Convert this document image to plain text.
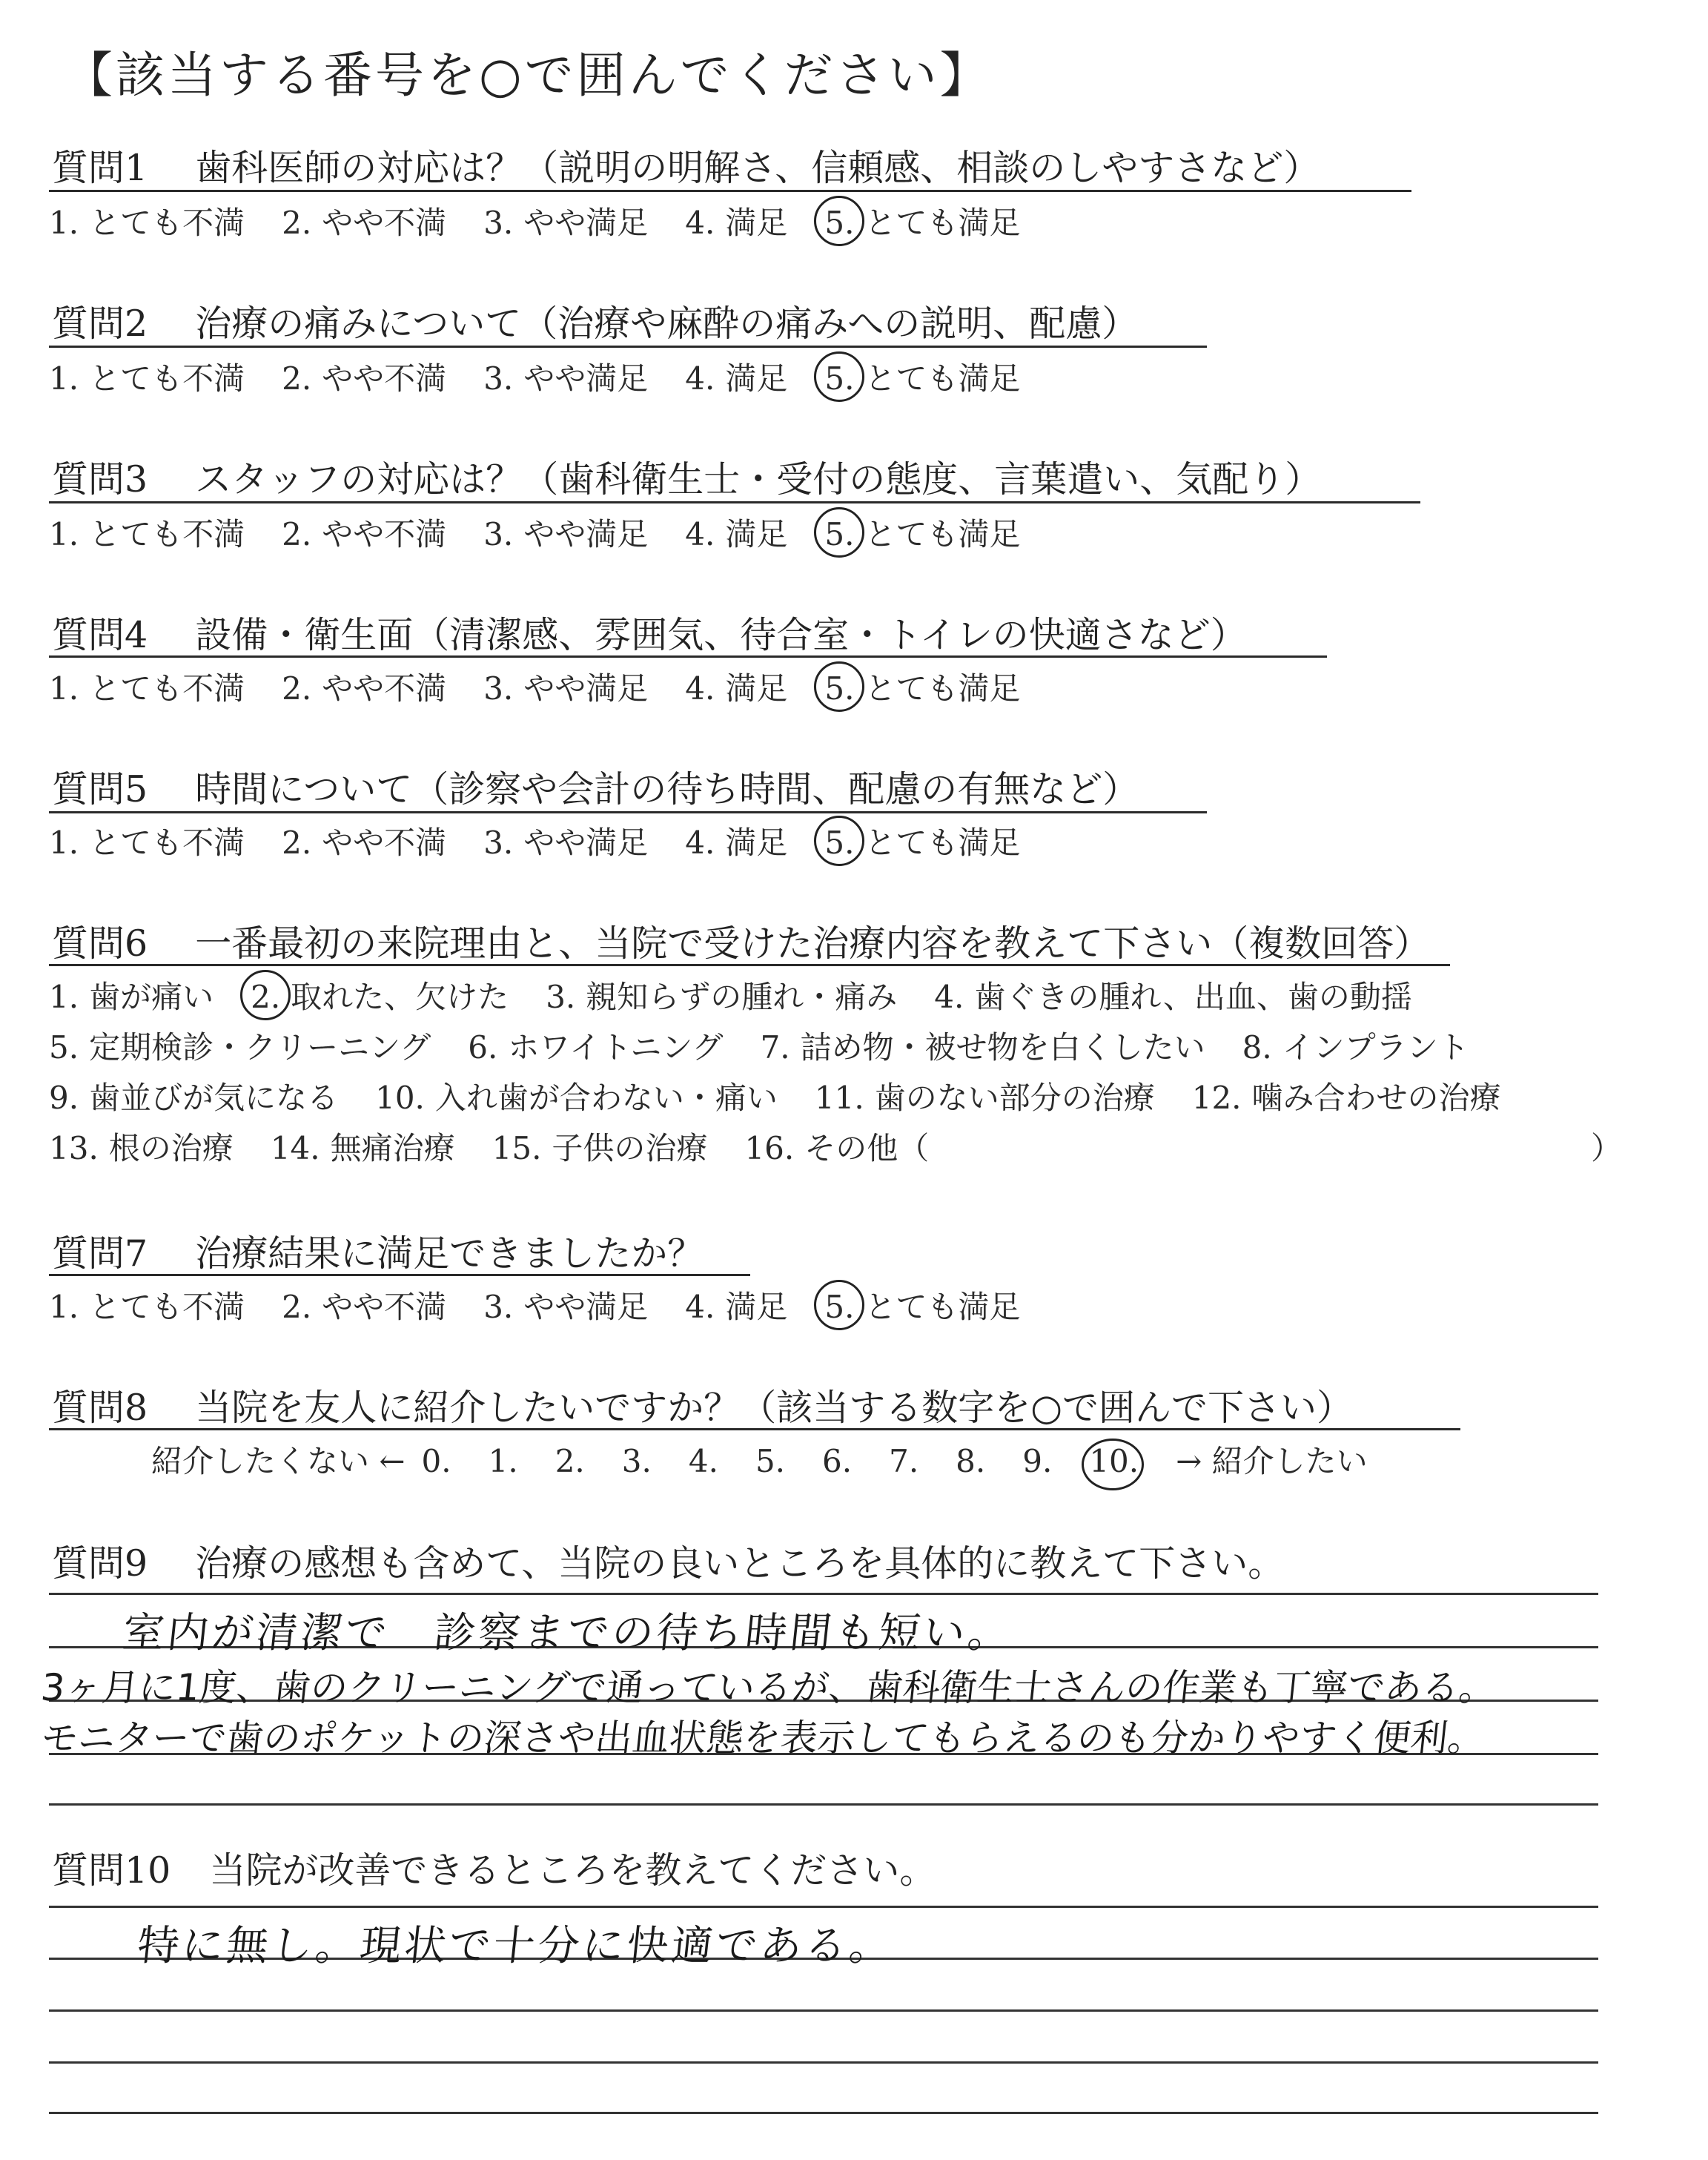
【該当する番号を○で囲んでください】
質問1 歯科医師の対応は？（説明の明解さ、信頼感、相談のしやすさなど）
1. とても不満 2. やや不満 3. やや満足 4. 満足 5. とても満足
質問2 治療の痛みについて（治療や麻酔の痛みへの説明、配慮）
1. とても不満 2. やや不満 3. やや満足 4. 満足 5. とても満足
質問3 スタッフの対応は？（歯科衛生士・受付の態度、言葉遣い、気配り）
1. とても不満 2. やや不満 3. やや満足 4. 満足 5. とても満足
質問4 設備・衛生面（清潔感、雰囲気、待合室・トイレの快適さなど）
1. とても不満 2. やや不満 3. やや満足 4. 満足 5. とても満足
質問5 時間について（診察や会計の待ち時間、配慮の有無など）
1. とても不満 2. やや不満 3. やや満足 4. 満足 5. とても満足
質問6 一番最初の来院理由と、当院で受けた治療内容を教えて下さい（複数回答）
1. 歯が痛い 2. 取れた、欠けた 3. 親知らずの腫れ・痛み 4. 歯ぐきの腫れ、出血、歯の動揺
5. 定期検診・クリーニング 6. ホワイトニング 7. 詰め物・被せ物を白くしたい 8. インプラント
9. 歯並びが気になる 10. 入れ歯が合わない・痛い 11. 歯のない部分の治療 12. 噛み合わせの治療
13. 根の治療 14. 無痛治療 15. 子供の治療 16. その他（	）
質問7 治療結果に満足できましたか？
1. とても不満 2. やや不満 3. やや満足 4. 満足 5. とても満足
質問8 当院を友人に紹介したいですか？（該当する数字を○で囲んで下さい）
紹介したくない ← 0. 1. 2. 3. 4. 5. 6. 7. 8. 9. 10. → 紹介したい
質問9 治療の感想も含めて、当院の良いところを具体的に教えて下さい。
室内が清潔で　診察までの待ち時間も短い。
3ヶ月に1度、歯のクリーニングで通っているが、歯科衛生士さんの作業も丁寧である。
モニターで歯のポケットの深さや出血状態を表示してもらえるのも分かりやすく便利。
質問10 当院が改善できるところを教えてください。
特に無し。現状で十分に快適である。
